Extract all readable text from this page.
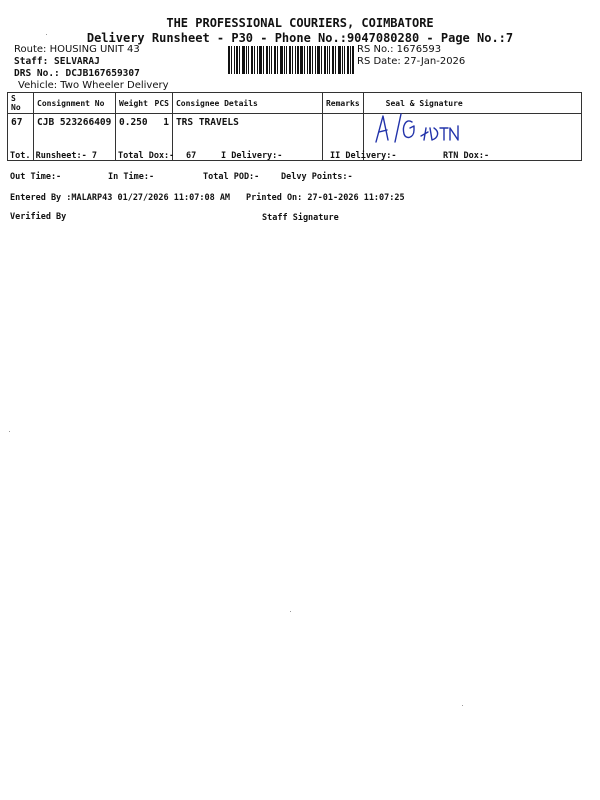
THE PROFESSIONAL COURIERS, COIMBATORE
Delivery Runsheet - P30 - Phone No.:9047080280 - Page No.:7
Route: HOUSING UNIT 43
Staff: SELVARAJ
DRS No.: DCJB167659307
Vehicle: Two Wheeler Delivery
RS No.: 1676593
RS Date: 27-Jan-2026
S No	Consignment No	Weight	PCS	Consignee Details	Remarks	Seal & Signature
67	CJB 523266409	0.250	1	TRS TRAVELS		
Tot. Runsheet:- 7 Total Dox:- 67	I Delivery:-	II Delivery:-	RTN Dox:-
Out Time:-	In Time:-	Total POD:-	Delvy Points:-
Entered By :MALARP43 01/27/2026 11:07:08 AM Printed On: 27-01-2026 11:07:25
Verified By	Staff Signature
